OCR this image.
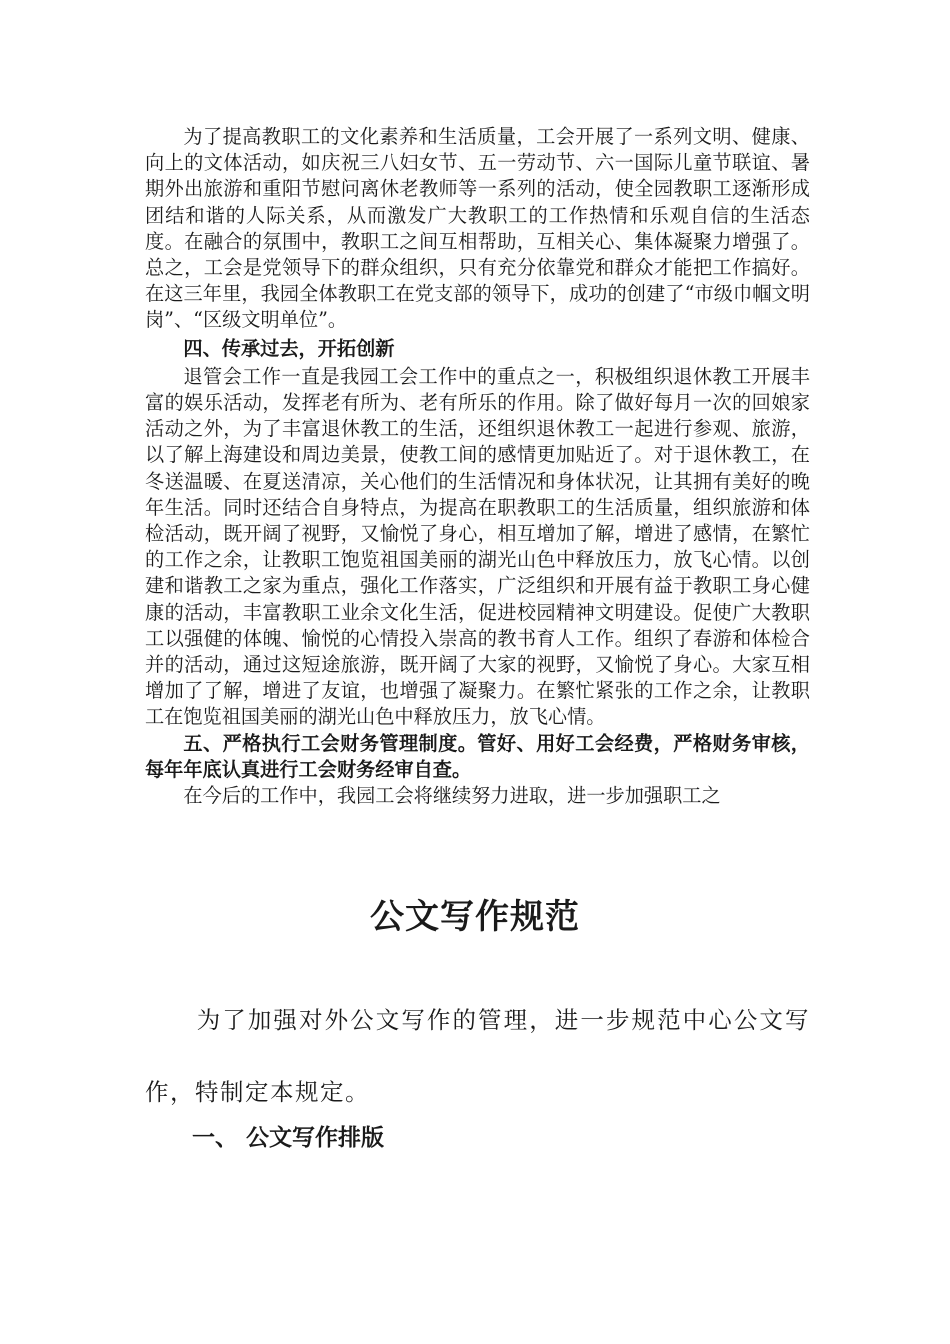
为了提高教职工的文化素养和生活质量，工会开展了一系列文明、健康、向上的文体活动，如庆祝三八妇女节、五一劳动节、六一国际儿童节联谊、暑期外出旅游和重阳节慰问离休老教师等一系列的活动，使全园教职工逐渐形成团结和谐的人际关系，从而激发广大教职工的工作热情和乐观自信的生活态度。在融合的氛围中，教职工之间互相帮助，互相关心、集体凝聚力增强了。总之，工会是党领导下的群众组织，只有充分依靠党和群众才能把工作搞好。在这三年里，我园全体教职工在党支部的领导下，成功的创建了“市级巾帼文明岗”、“区级文明单位”。

四、传承过去，开拓创新

退管会工作一直是我园工会工作中的重点之一，积极组织退休教工开展丰富的娱乐活动，发挥老有所为、老有所乐的作用。除了做好每月一次的回娘家活动之外，为了丰富退休教工的生活，还组织退休教工一起进行参观、旅游，以了解上海建设和周边美景，使教工间的感情更加贴近了。对于退休教工，在冬送温暖、在夏送清凉，关心他们的生活情况和身体状况，让其拥有美好的晚年生活。同时还结合自身特点，为提高在职教职工的生活质量，组织旅游和体检活动，既开阔了视野，又愉悦了身心，相互增加了解，增进了感情，在繁忙的工作之余，让教职工饱览祖国美丽的湖光山色中释放压力，放飞心情。以创建和谐教工之家为重点，强化工作落实，广泛组织和开展有益于教职工身心健康的活动，丰富教职工业余文化生活，促进校园精神文明建设。促使广大教职工以强健的体魄、愉悦的心情投入崇高的教书育人工作。组织了春游和体检合并的活动，通过这短途旅游，既开阔了大家的视野，又愉悦了身心。大家互相增加了了解，增进了友谊，也增强了凝聚力。在繁忙紧张的工作之余，让教职工在饱览祖国美丽的湖光山色中释放压力，放飞心情。

五、严格执行工会财务管理制度。管好、用好工会经费，严格财务审核，每年年底认真进行工会财务经审自查。

在今后的工作中，我园工会将继续努力进取，进一步加强职工之

公文写作规范

为了加强对外公文写作的管理，进一步规范中心公文写作，特制定本规定。

一、 公文写作排版
